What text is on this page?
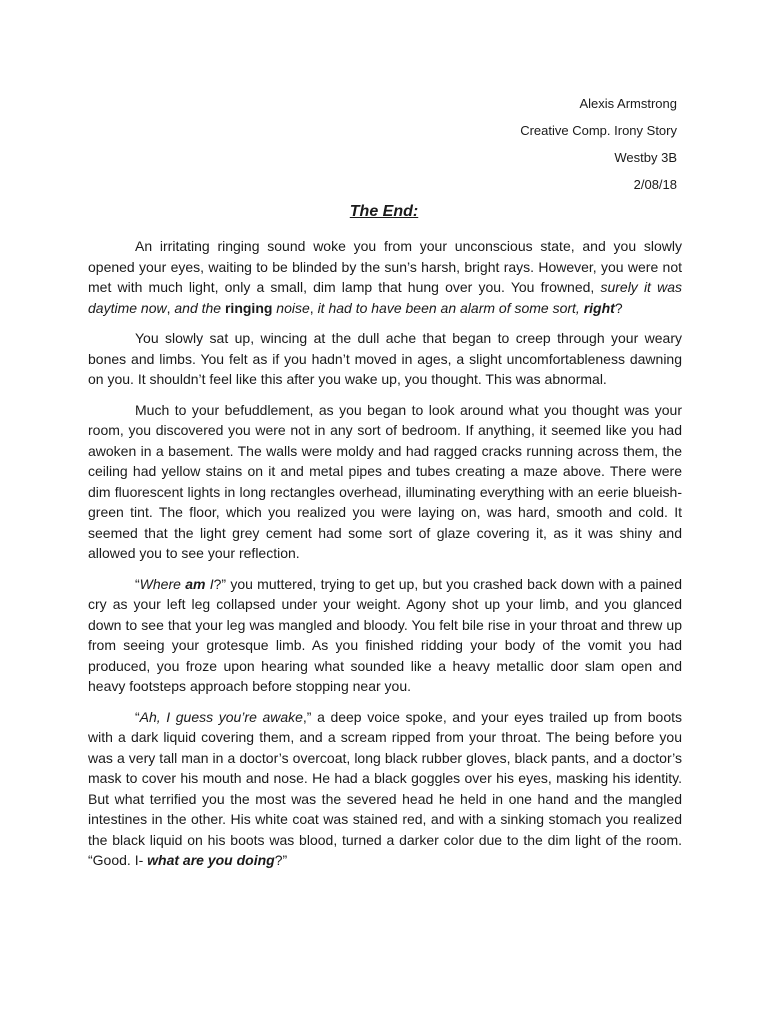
Alexis Armstrong
Creative Comp. Irony Story
Westby 3B
2/08/18
The End:

An irritating ringing sound woke you from your unconscious state, and you slowly opened your eyes, waiting to be blinded by the sun’s harsh, bright rays. However, you were not met with much light, only a small, dim lamp that hung over you. You frowned, surely it was daytime now, and the ringing noise, it had to have been an alarm of some sort, right?

You slowly sat up, wincing at the dull ache that began to creep through your weary bones and limbs. You felt as if you hadn’t moved in ages, a slight uncomfortableness dawning on you. It shouldn’t feel like this after you wake up, you thought. This was abnormal.

Much to your befuddlement, as you began to look around what you thought was your room, you discovered you were not in any sort of bedroom. If anything, it seemed like you had awoken in a basement. The walls were moldy and had ragged cracks running across them, the ceiling had yellow stains on it and metal pipes and tubes creating a maze above. There were dim fluorescent lights in long rectangles overhead, illuminating everything with an eerie blueish-green tint. The floor, which you realized you were laying on, was hard, smooth and cold. It seemed that the light grey cement had some sort of glaze covering it, as it was shiny and allowed you to see your reflection.

“Where am I?” you muttered, trying to get up, but you crashed back down with a pained cry as your left leg collapsed under your weight. Agony shot up your limb, and you glanced down to see that your leg was mangled and bloody. You felt bile rise in your throat and threw up from seeing your grotesque limb. As you finished ridding your body of the vomit you had produced, you froze upon hearing what sounded like a heavy metallic door slam open and heavy footsteps approach before stopping near you.

“Ah, I guess you’re awake,” a deep voice spoke, and your eyes trailed up from boots with a dark liquid covering them, and a scream ripped from your throat. The being before you was a very tall man in a doctor’s overcoat, long black rubber gloves, black pants, and a doctor’s mask to cover his mouth and nose. He had a black goggles over his eyes, masking his identity. But what terrified you the most was the severed head he held in one hand and the mangled intestines in the other. His white coat was stained red, and with a sinking stomach you realized the black liquid on his boots was blood, turned a darker color due to the dim light of the room. “Good. I- what are you doing?”
